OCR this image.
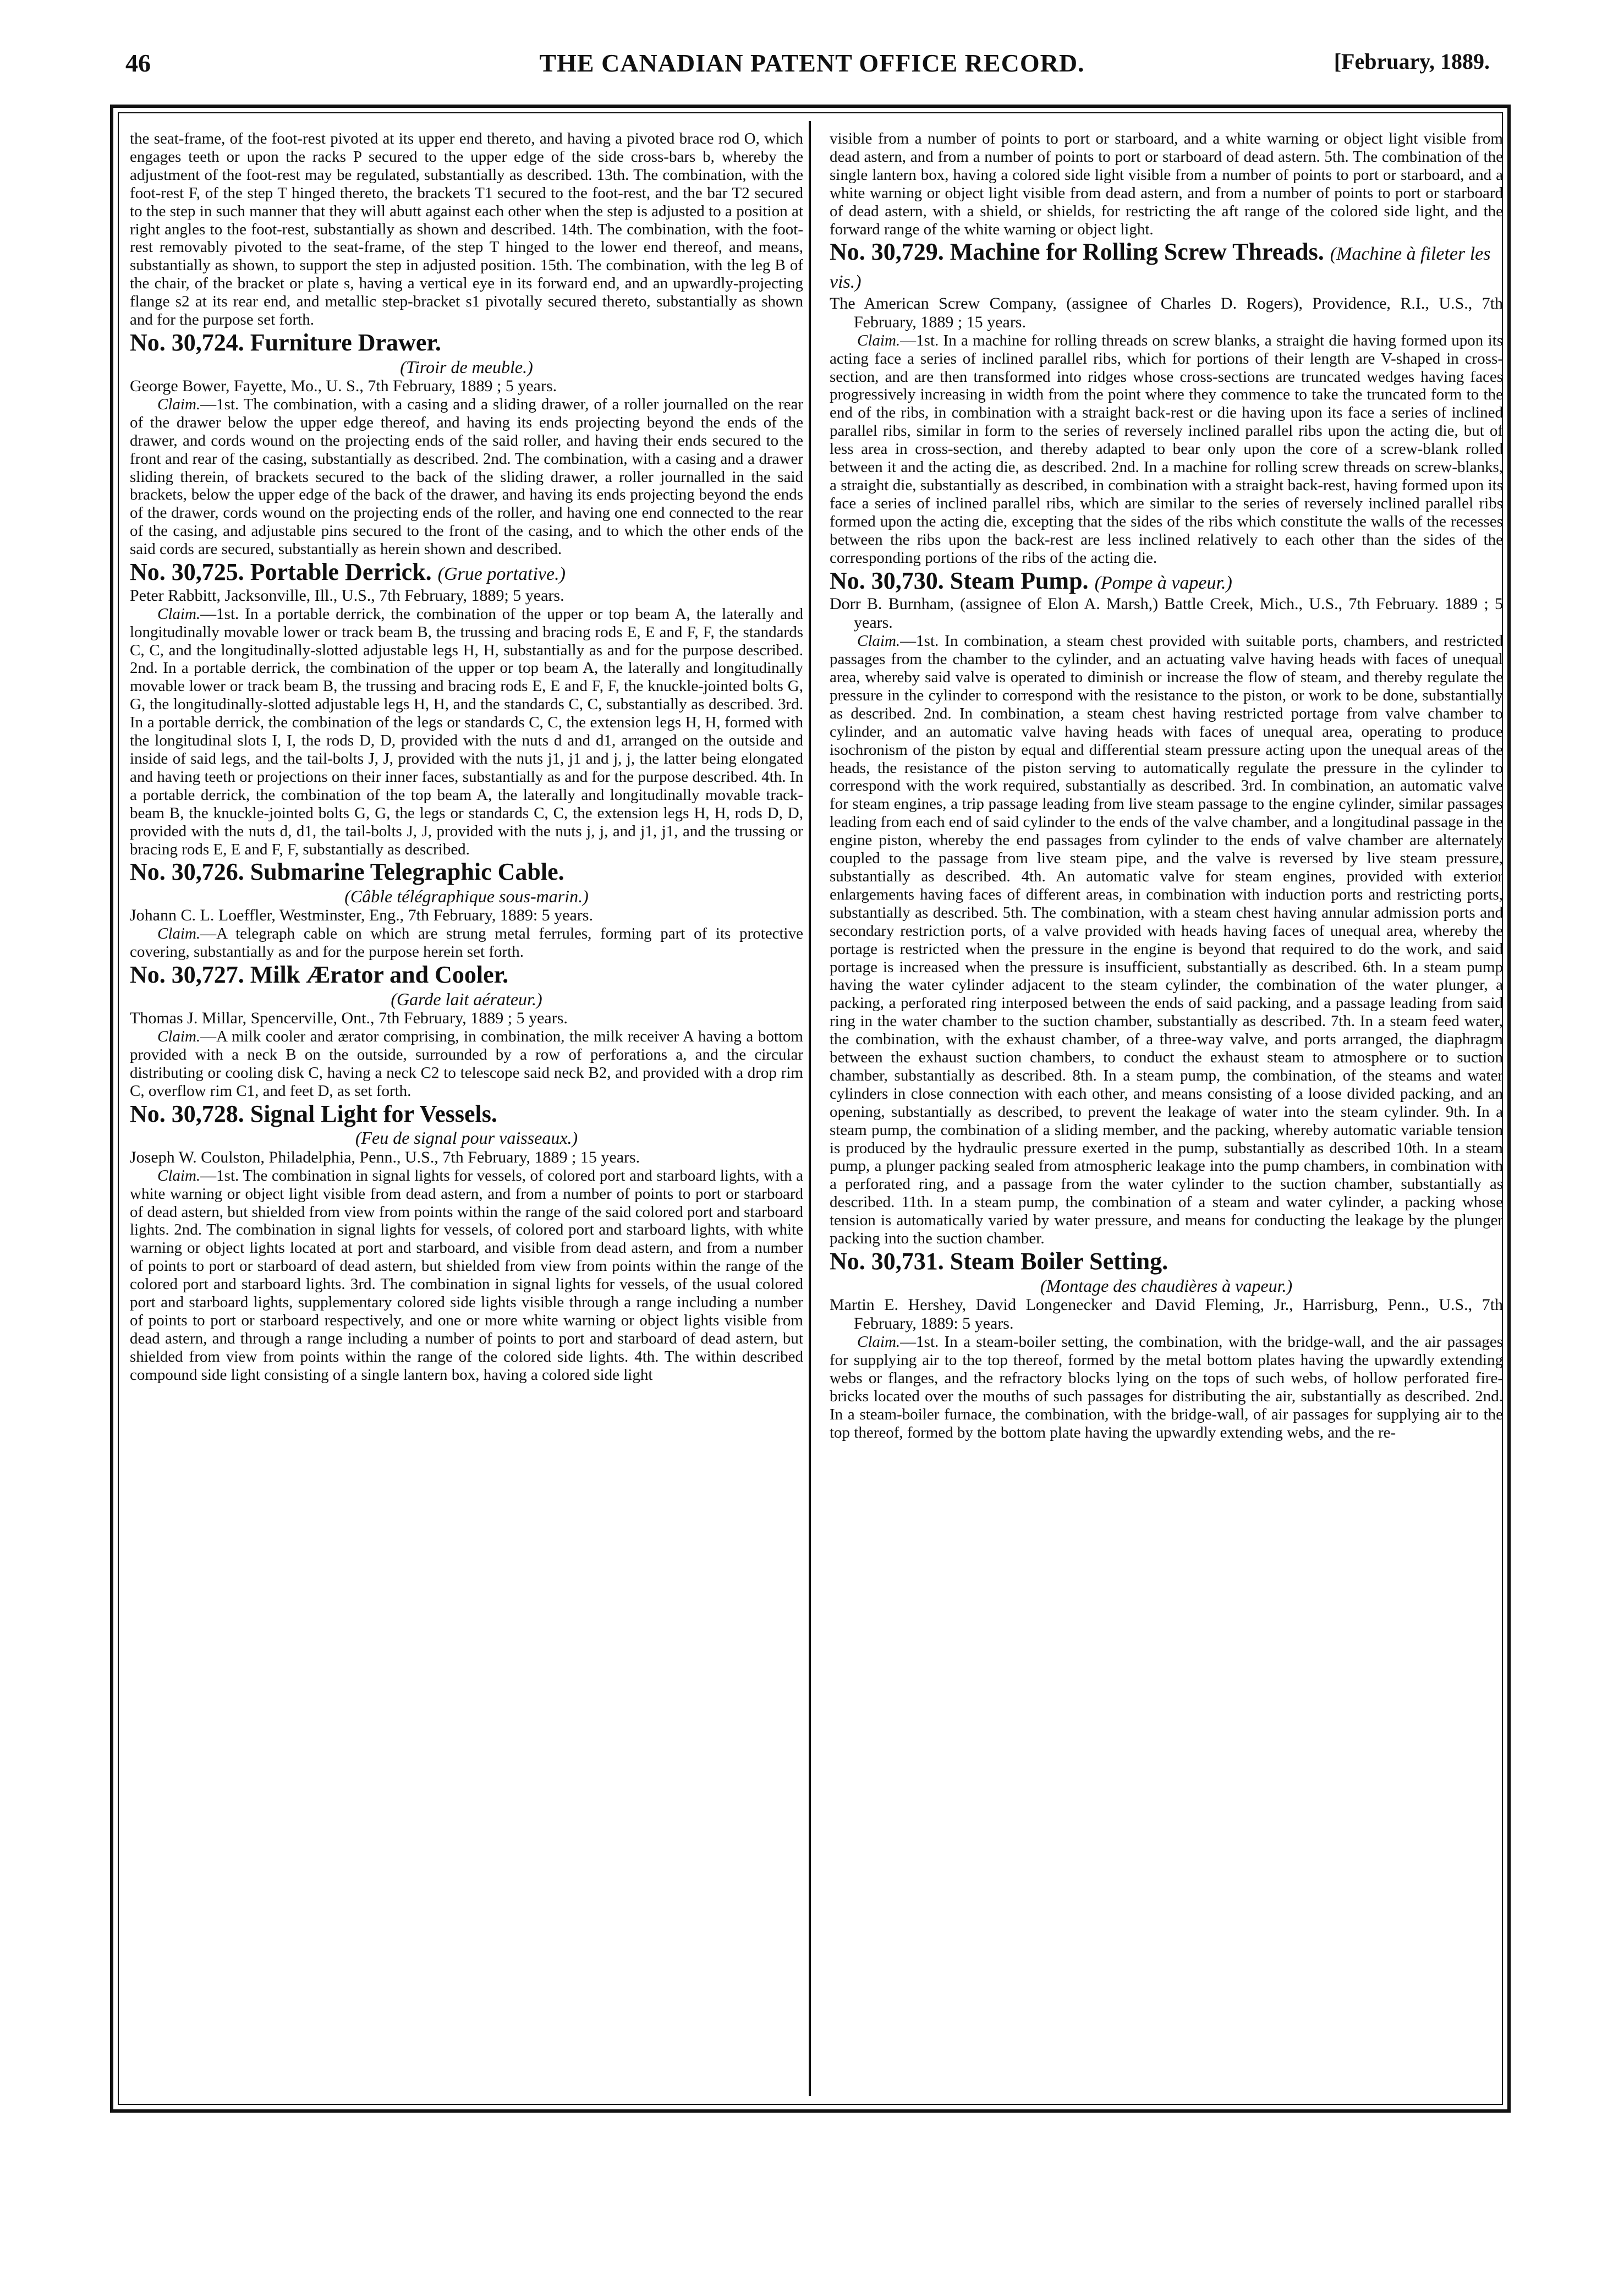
46	THE CANADIAN PATENT OFFICE RECORD.	[February, 1889.

the seat-frame, of the foot-rest pivoted at its upper end thereto, and having a pivoted brace rod O, which engages teeth or upon the racks P secured to the upper edge of the side cross-bars b, whereby the adjustment of the foot-rest may be regulated, substantially as described. 13th. The combination, with the foot-rest F, of the step T hinged thereto, the brackets T1 secured to the foot-rest, and the bar T2 secured to the step in such manner that they will abutt against each other when the step is adjusted to a position at right angles to the foot-rest, substantially as shown and described. 14th. The combination, with the foot-rest removably pivoted to the seat-frame, of the step T hinged to the lower end thereof, and means, substantially as shown, to support the step in adjusted position. 15th. The combination, with the leg B of the chair, of the bracket or plate s, having a vertical eye in its forward end, and an upwardly-projecting flange s2 at its rear end, and metallic step-bracket s1 pivotally secured thereto, substantially as shown and for the purpose set forth.

No. 30,724. Furniture Drawer.

(Tiroir de meuble.)

George Bower, Fayette, Mo., U. S., 7th February, 1889 ; 5 years.

Claim.—1st. The combination, with a casing and a sliding drawer, of a roller journalled on the rear of the drawer below the upper edge thereof, and having its ends projecting beyond the ends of the drawer, and cords wound on the projecting ends of the said roller, and having their ends secured to the front and rear of the casing, substantially as described. 2nd. The combination, with a casing and a drawer sliding therein, of brackets secured to the back of the sliding drawer, a roller journalled in the said brackets, below the upper edge of the back of the drawer, and having its ends projecting beyond the ends of the drawer, cords wound on the projecting ends of the roller, and having one end connected to the rear of the casing, and adjustable pins secured to the front of the casing, and to which the other ends of the said cords are secured, substantially as herein shown and described.

No. 30,725. Portable Derrick. (Grue portative.)

Peter Rabbitt, Jacksonville, Ill., U.S., 7th February, 1889; 5 years.

Claim.—1st. In a portable derrick, the combination of the upper or top beam A, the laterally and longitudinally movable lower or track beam B, the trussing and bracing rods E, E and F, F, the standards C, C, and the longitudinally-slotted adjustable legs H, H, substantially as and for the purpose described. 2nd. In a portable derrick, the combination of the upper or top beam A, the laterally and longitudinally movable lower or track beam B, the trussing and bracing rods E, E and F, F, the knuckle-jointed bolts G, G, the longitudinally-slotted adjustable legs H, H, and the standards C, C, substantially as described. 3rd. In a portable derrick, the combination of the legs or standards C, C, the extension legs H, H, formed with the longitudinal slots I, I, the rods D, D, provided with the nuts d and d1, arranged on the outside and inside of said legs, and the tail-bolts J, J, provided with the nuts j1, j1 and j, j, the latter being elongated and having teeth or projections on their inner faces, substantially as and for the purpose described. 4th. In a portable derrick, the combination of the top beam A, the laterally and longitudinally movable track-beam B, the knuckle-jointed bolts G, G, the legs or standards C, C, the extension legs H, H, rods D, D, provided with the nuts d, d1, the tail-bolts J, J, provided with the nuts j, j, and j1, j1, and the trussing or bracing rods E, E and F, F, substantially as described.

No. 30,726. Submarine Telegraphic Cable.

(Câble télégraphique sous-marin.)

Johann C. L. Loeffler, Westminster, Eng., 7th February, 1889: 5 years.

Claim.—A telegraph cable on which are strung metal ferrules, forming part of its protective covering, substantially as and for the purpose herein set forth.

No. 30,727. Milk Ærator and Cooler.

(Garde lait aérateur.)

Thomas J. Millar, Spencerville, Ont., 7th February, 1889 ; 5 years.

Claim.—A milk cooler and ærator comprising, in combination, the milk receiver A having a bottom provided with a neck B on the outside, surrounded by a row of perforations a, and the circular distributing or cooling disk C, having a neck C2 to telescope said neck B2, and provided with a drop rim C, overflow rim C1, and feet D, as set forth.

No. 30,728. Signal Light for Vessels.

(Feu de signal pour vaisseaux.)

Joseph W. Coulston, Philadelphia, Penn., U.S., 7th February, 1889 ; 15 years.

Claim.—1st. The combination in signal lights for vessels, of colored port and starboard lights, with a white warning or object light visible from dead astern, and from a number of points to port or starboard of dead astern, but shielded from view from points within the range of the said colored port and starboard lights. 2nd. The combination in signal lights for vessels, of colored port and starboard lights, with white warning or object lights located at port and starboard, and visible from dead astern, and from a number of points to port or starboard of dead astern, but shielded from view from points within the range of the colored port and starboard lights. 3rd. The combination in signal lights for vessels, of the usual colored port and starboard lights, supplementary colored side lights visible through a range including a number of points to port or starboard respectively, and one or more white warning or object lights visible from dead astern, and through a range including a number of points to port and starboard of dead astern, but shielded from view from points within the range of the colored side lights. 4th. The within described compound side light consisting of a single lantern box, having a colored side light

visible from a number of points to port or starboard, and a white warning or object light visible from dead astern, and from a number of points to port or starboard of dead astern. 5th. The combination of the single lantern box, having a colored side light visible from a number of points to port or starboard, and a white warning or object light visible from dead astern, and from a number of points to port or starboard of dead astern, with a shield, or shields, for restricting the aft range of the colored side light, and the forward range of the white warning or object light.

No. 30,729. Machine for Rolling Screw Threads. (Machine à fileter les vis.)

The American Screw Company, (assignee of Charles D. Rogers), Providence, R.I., U.S., 7th February, 1889 ; 15 years.

Claim.—1st. In a machine for rolling threads on screw blanks, a straight die having formed upon its acting face a series of inclined parallel ribs, which for portions of their length are V-shaped in cross-section, and are then transformed into ridges whose cross-sections are truncated wedges having faces progressively increasing in width from the point where they commence to take the truncated form to the end of the ribs, in combination with a straight back-rest or die having upon its face a series of inclined parallel ribs, similar in form to the series of reversely inclined parallel ribs upon the acting die, but of less area in cross-section, and thereby adapted to bear only upon the core of a screw-blank rolled between it and the acting die, as described. 2nd. In a machine for rolling screw threads on screw-blanks, a straight die, substantially as described, in combination with a straight back-rest, having formed upon its face a series of inclined parallel ribs, which are similar to the series of reversely inclined parallel ribs formed upon the acting die, excepting that the sides of the ribs which constitute the walls of the recesses between the ribs upon the back-rest are less inclined relatively to each other than the sides of the corresponding portions of the ribs of the acting die.

No. 30,730. Steam Pump. (Pompe à vapeur.)

Dorr B. Burnham, (assignee of Elon A. Marsh,) Battle Creek, Mich., U.S., 7th February. 1889 ; 5 years.

Claim.—1st. In combination, a steam chest provided with suitable ports, chambers, and restricted passages from the chamber to the cylinder, and an actuating valve having heads with faces of unequal area, whereby said valve is operated to diminish or increase the flow of steam, and thereby regulate the pressure in the cylinder to correspond with the resistance to the piston, or work to be done, substantially as described. 2nd. In combination, a steam chest having restricted portage from valve chamber to cylinder, and an automatic valve having heads with faces of unequal area, operating to produce isochronism of the piston by equal and differential steam pressure acting upon the unequal areas of the heads, the resistance of the piston serving to automatically regulate the pressure in the cylinder to correspond with the work required, substantially as described. 3rd. In combination, an automatic valve for steam engines, a trip passage leading from live steam passage to the engine cylinder, similar passages leading from each end of said cylinder to the ends of the valve chamber, and a longitudinal passage in the engine piston, whereby the end passages from cylinder to the ends of valve chamber are alternately coupled to the passage from live steam pipe, and the valve is reversed by live steam pressure, substantially as described. 4th. An automatic valve for steam engines, provided with exterior enlargements having faces of different areas, in combination with induction ports and restricting ports, substantially as described. 5th. The combination, with a steam chest having annular admission ports and secondary restriction ports, of a valve provided with heads having faces of unequal area, whereby the portage is restricted when the pressure in the engine is beyond that required to do the work, and said portage is increased when the pressure is insufficient, substantially as described. 6th. In a steam pump having the water cylinder adjacent to the steam cylinder, the combination of the water plunger, a packing, a perforated ring interposed between the ends of said packing, and a passage leading from said ring in the water chamber to the suction chamber, substantially as described. 7th. In a steam feed water, the combination, with the exhaust chamber, of a three-way valve, and ports arranged, the diaphragm between the exhaust suction chambers, to conduct the exhaust steam to atmosphere or to suction chamber, substantially as described. 8th. In a steam pump, the combination, of the steams and water cylinders in close connection with each other, and means consisting of a loose divided packing, and an opening, substantially as described, to prevent the leakage of water into the steam cylinder. 9th. In a steam pump, the combination of a sliding member, and the packing, whereby automatic variable tension is produced by the hydraulic pressure exerted in the pump, substantially as described 10th. In a steam pump, a plunger packing sealed from atmospheric leakage into the pump chambers, in combination with a perforated ring, and a passage from the water cylinder to the suction chamber, substantially as described. 11th. In a steam pump, the combination of a steam and water cylinder, a packing whose tension is automatically varied by water pressure, and means for conducting the leakage by the plunger packing into the suction chamber.

No. 30,731. Steam Boiler Setting.

(Montage des chaudières à vapeur.)

Martin E. Hershey, David Longenecker and David Fleming, Jr., Harrisburg, Penn., U.S., 7th February, 1889: 5 years.

Claim.—1st. In a steam-boiler setting, the combination, with the bridge-wall, and the air passages for supplying air to the top thereof, formed by the metal bottom plates having the upwardly extending webs or flanges, and the refractory blocks lying on the tops of such webs, of hollow perforated fire-bricks located over the mouths of such passages for distributing the air, substantially as described. 2nd. In a steam-boiler furnace, the combination, with the bridge-wall, of air passages for supplying air to the top thereof, formed by the bottom plate having the upwardly extending webs, and the re-
